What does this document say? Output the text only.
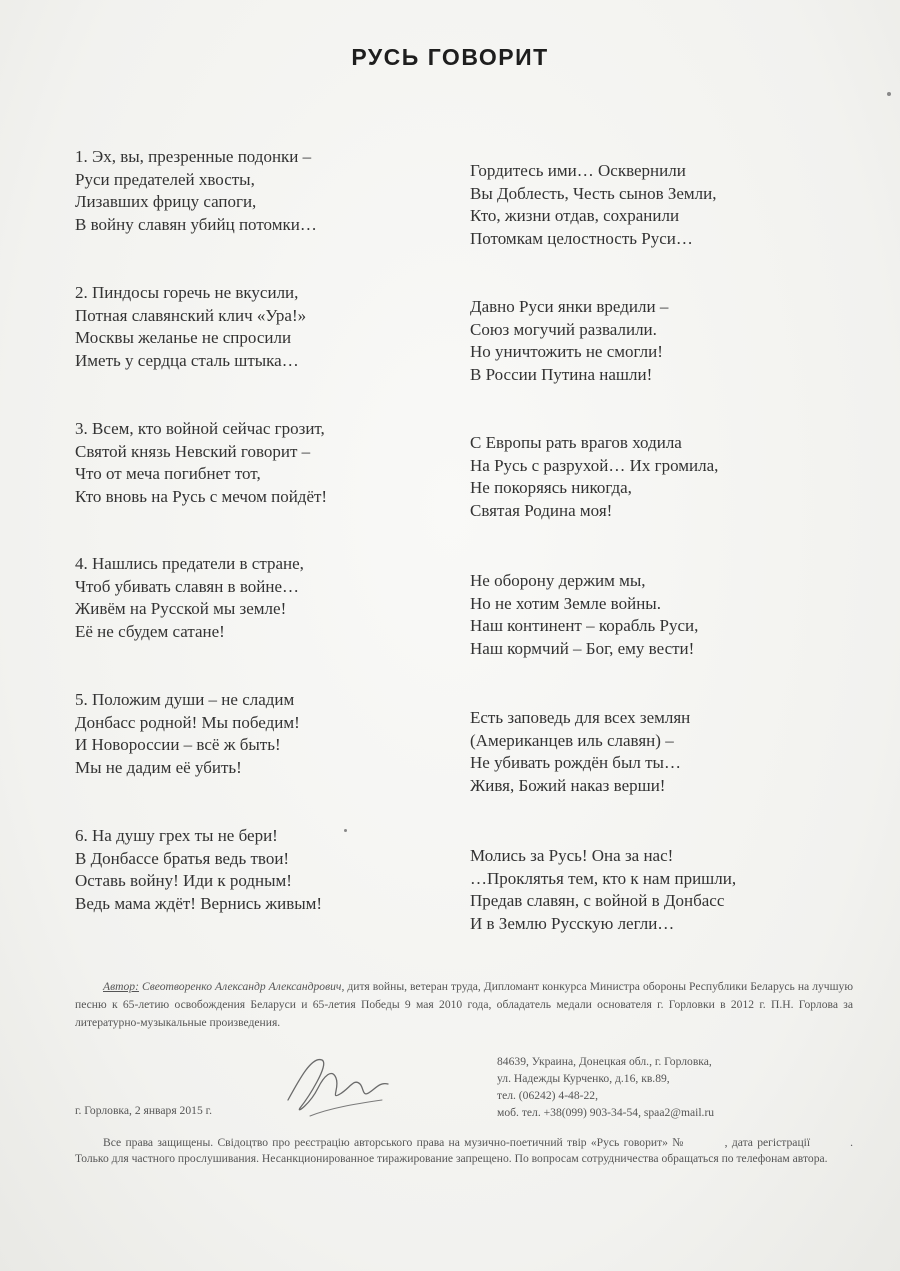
РУСЬ ГОВОРИТ
1. Эх, вы, презренные подонки –
Руси предателей хвосты,
Лизавших фрицу сапоги,
В войну славян убийц потомки…
2. Пиндосы горечь не вкусили,
Потная славянский клич «Ура!»
Москвы желанье не спросили
Иметь у сердца сталь штыка…
3. Всем, кто войной сейчас грозит,
Святой князь Невский говорит –
Что от меча погибнет тот,
Кто вновь на Русь с мечом пойдёт!
4. Нашлись предатели в стране,
Чтоб убивать славян в войне…
Живём на Русской мы земле!
Её не сбудем сатане!
5. Положим души – не сладим
Донбасс родной! Мы победим!
И Новороссии – всё ж быть!
Мы не дадим её убить!
6. На душу грех ты не бери!
В Донбассе братья ведь твои!
Оставь войну! Иди к родным!
Ведь мама ждёт! Вернись живым!
Гордитесь ими… Осквернили
Вы Доблесть, Честь сынов Земли,
Кто, жизни отдав, сохранили
Потомкам целостность Руси…
Давно Руси янки вредили –
Союз могучий развалили.
Но уничтожить не смогли!
В России Путина нашли!
С Европы рать врагов ходила
На Русь с разрухой… Их громила,
Не покоряясь никогда,
Святая Родина моя!
Не оборону держим мы,
Но не хотим Земле войны.
Наш континент – корабль Руси,
Наш кормчий – Бог, ему вести!
Есть заповедь для всех землян
(Американцев иль славян) –
Не убивать рождён был ты…
Живя, Божий наказ верши!
Молись за Русь! Она за нас!
…Проклятья тем, кто к нам пришли,
Предав славян, с войной в Донбасс
И в Землю Русскую легли…
Автор: Свеотворенко Александр Александрович, дитя войны, ветеран труда, Дипломант конкурса Министра обороны Республики Беларусь на лучшую песню к 65-летию освобождения Беларуси и 65-летия Победы 9 мая 2010 года, обладатель медали основателя г. Горловки в 2012 г. П.Н. Горлова за литературно-музыкальные произведения.
84639, Украина, Донецкая обл., г. Горловка,
ул. Надежды Курченко, д.16, кв.89,
тел. (06242) 4-48-22,
моб. тел. +38(099) 903-34-54, spaa2@mail.ru
г. Горловка, 2 января 2015 г.
Все права защищены. Свідоцтво про реєстрацію авторського права на музично-поетичний твір «Русь говорит» №	, дата регістрації	. Только для частного прослушивания. Несанкционированное тиражирование запрещено. По вопросам сотрудничества обращаться по телефонам автора.
